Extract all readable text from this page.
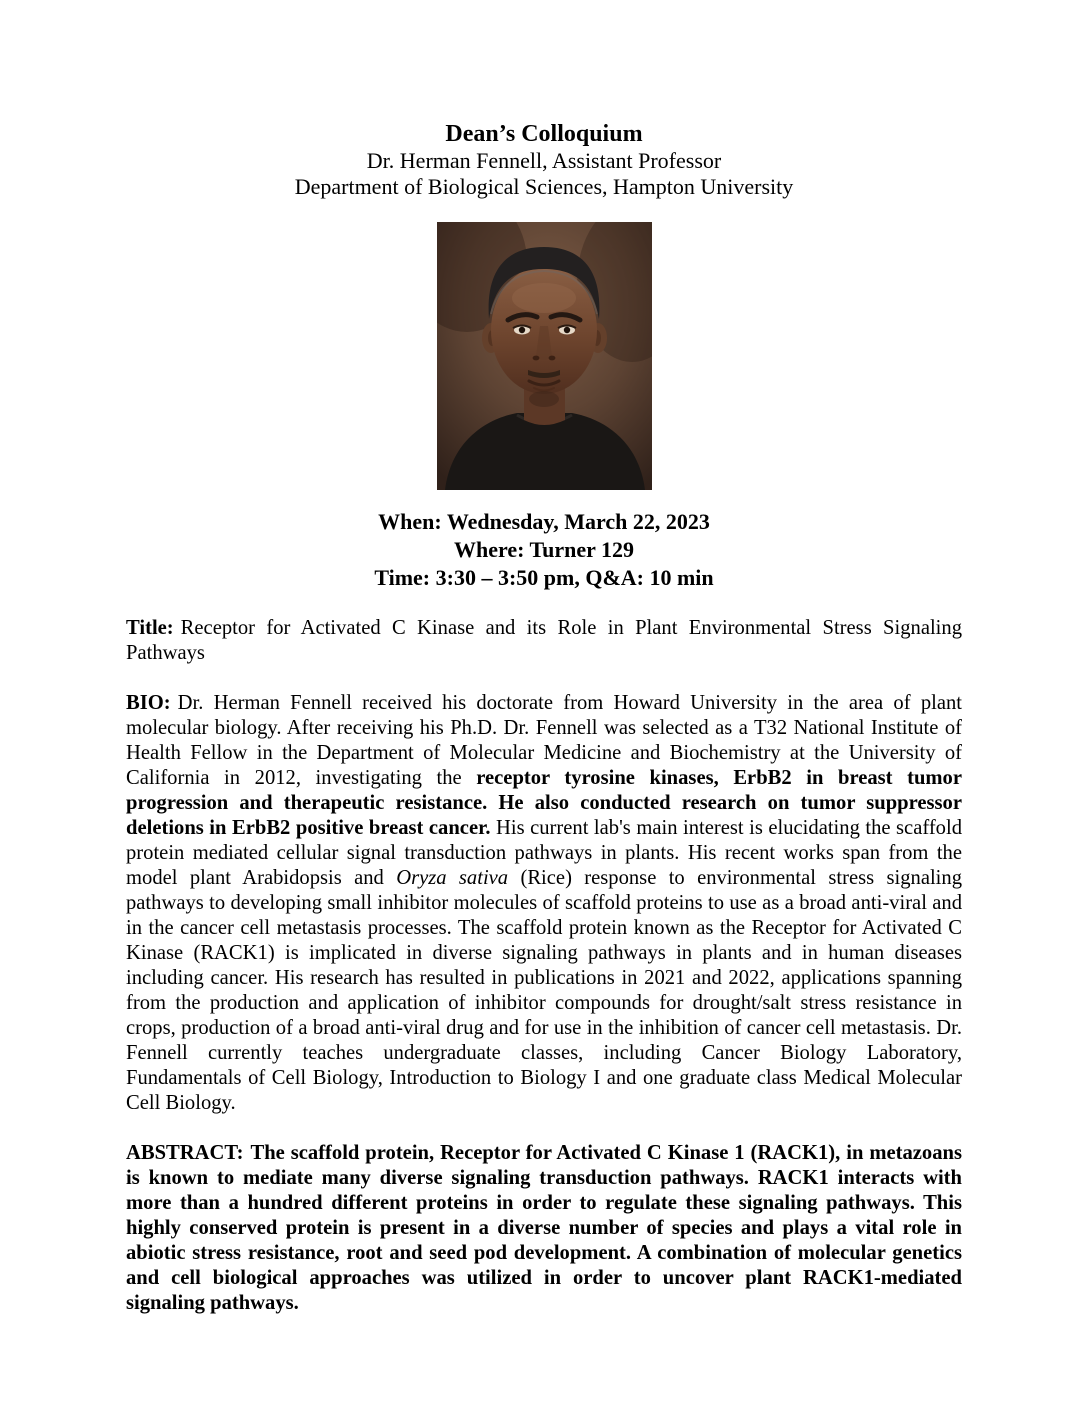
Dean’s Colloquium
Dr. Herman Fennell, Assistant Professor
Department of Biological Sciences, Hampton University
When: Wednesday, March 22, 2023
Where: Turner 129
Time: 3:30 – 3:50 pm, Q&A: 10 min

Title: Receptor for Activated C Kinase and its Role in Plant Environmental Stress Signaling Pathways

BIO: Dr. Herman Fennell received his doctorate from Howard University in the area of plant molecular biology. After receiving his Ph.D. Dr. Fennell was selected as a T32 National Institute of Health Fellow in the Department of Molecular Medicine and Biochemistry at the University of California in 2012, investigating the receptor tyrosine kinases, ErbB2 in breast tumor progression and therapeutic resistance. He also conducted research on tumor suppressor deletions in ErbB2 positive breast cancer. His current lab's main interest is elucidating the scaffold protein mediated cellular signal transduction pathways in plants. His recent works span from the model plant Arabidopsis and Oryza sativa (Rice) response to environmental stress signaling pathways to developing small inhibitor molecules of scaffold proteins to use as a broad anti-viral and in the cancer cell metastasis processes. The scaffold protein known as the Receptor for Activated C Kinase (RACK1) is implicated in diverse signaling pathways in plants and in human diseases including cancer. His research has resulted in publications in 2021 and 2022, applications spanning from the production and application of inhibitor compounds for drought/salt stress resistance in crops, production of a broad anti-viral drug and for use in the inhibition of cancer cell metastasis. Dr. Fennell currently teaches undergraduate classes, including Cancer Biology Laboratory, Fundamentals of Cell Biology, Introduction to Biology I and one graduate class Medical Molecular Cell Biology.

ABSTRACT: The scaffold protein, Receptor for Activated C Kinase 1 (RACK1), in metazoans is known to mediate many diverse signaling transduction pathways. RACK1 interacts with more than a hundred different proteins in order to regulate these signaling pathways. This highly conserved protein is present in a diverse number of species and plays a vital role in abiotic stress resistance, root and seed pod development. A combination of molecular genetics and cell biological approaches was utilized in order to uncover plant RACK1-mediated signaling pathways.
